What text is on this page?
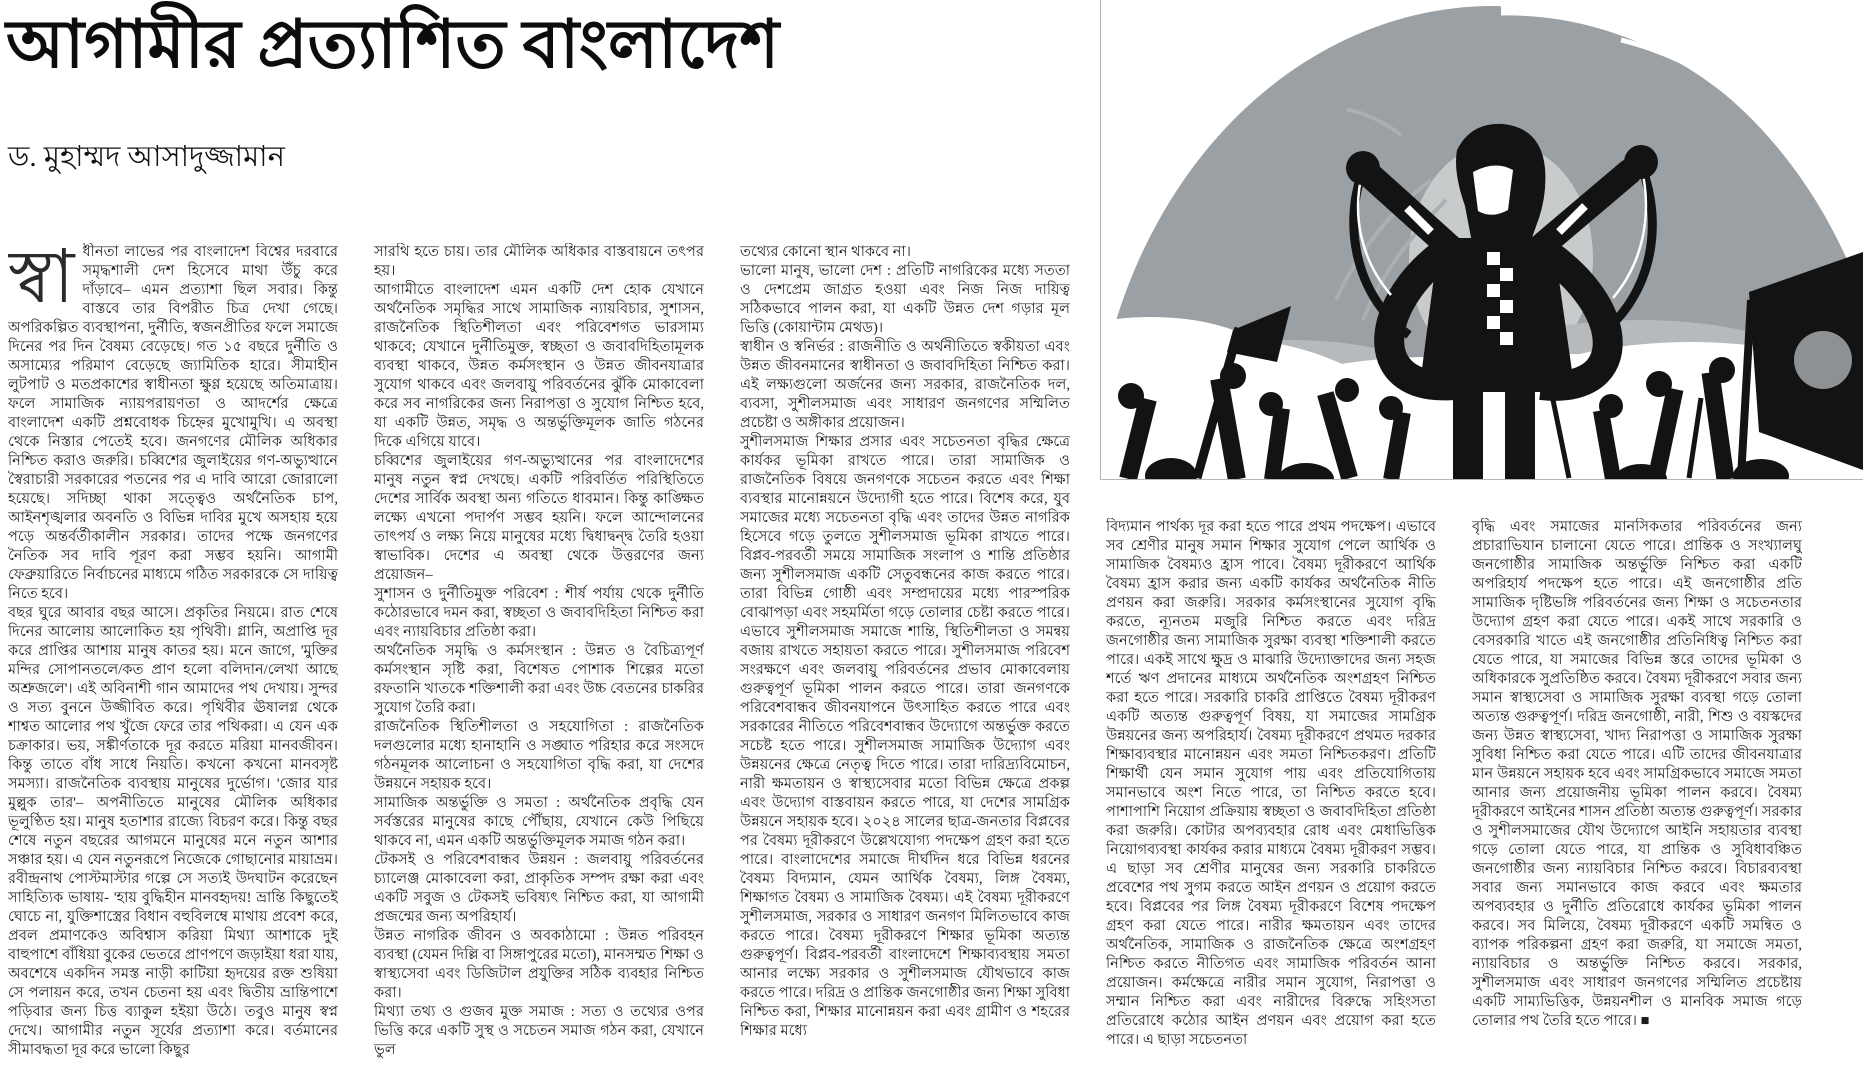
আগামীর প্রত্যাশিত বাংলাদেশ
ড. মুহাম্মদ আসাদুজ্জামান

স্বা ধীনতা লাভের পর বাংলাদেশ বিশ্বের দরবারে সমৃদ্ধশালী দেশ হিসেবে মাথা উঁচু করে দাঁড়াবে– এমন প্রত্যাশা ছিল সবার। কিন্তু বাস্তবে তার বিপরীত চিত্র দেখা গেছে। অপরিকল্পিত ব্যবস্থাপনা, দুর্নীতি, স্বজনপ্রীতির ফলে সমাজে দিনের পর দিন বৈষম্য বেড়েছে। গত ১৫ বছরে দুর্নীতি ও অসাম্যের পরিমাণ বেড়েছে জ্যামিতিক হারে। সীমাহীন লুটপাট ও মতপ্রকাশের স্বাধীনতা ক্ষুণ্ণ হয়েছে অতিমাত্রায়। ফলে সামাজিক ন্যায়পরায়ণতা ও আদর্শের ক্ষেত্রে বাংলাদেশ একটি প্রশ্নবোধক চিহ্নের মুখোমুখি। এ অবস্থা থেকে নিস্তার পেতেই হবে। জনগণের মৌলিক অধিকার নিশ্চিত করাও জরুরি। চব্বিশের জুলাইয়ের গণ-অভ্যুত্থানে স্বৈরাচারী সরকারের পতনের পর এ দাবি আরো জোরালো হয়েছে। সদিচ্ছা থাকা সত্ত্বেও অর্থনৈতিক চাপ, আইনশৃঙ্খলার অবনতি ও বিভিন্ন দাবির মুখে অসহায় হয়ে পড়ে অন্তর্বর্তীকালীন সরকার। তাদের পক্ষে জনগণের নৈতিক সব দাবি পূরণ করা সম্ভব হয়নি। আগামী ফেব্রুয়ারিতে নির্বাচনের মাধ্যমে গঠিত সরকারকে সে দায়িত্ব নিতে হবে।

বছর ঘুরে আবার বছর আসে। প্রকৃতির নিয়মে। রাত শেষে দিনের আলোয় আলোকিত হয় পৃথিবী। গ্লানি, অপ্রাপ্তি দূর করে প্রাপ্তির আশায় মানুষ কাতর হয়। মনে জাগে, 'মুক্তির মন্দির সোপানতলে/কত প্রাণ হলো বলিদান/লেখা আছে অশ্রুজলে'। এই অবিনাশী গান আমাদের পথ দেখায়। সুন্দর ও সত্য বুননে উজ্জীবিত করে। পৃথিবীর ঊষালগ্ন থেকে শাশ্বত আলোর পথ খুঁজে ফেরে তার পথিকরা। এ যেন এক চক্রাকার। ভয়, সঙ্কীর্ণতাকে দূর করতে মরিয়া মানবজীবন। কিন্তু তাতে বাঁধ সাধে নিয়তি। কখনো কখনো মানবসৃষ্ট সমস্যা। রাজনৈতিক ব্যবস্থায় মানুষের দুর্ভোগ। 'জোর যার মুল্লুক তার'– অপনীতিতে মানুষের মৌলিক অধিকার ভূলুণ্ঠিত হয়। মানুষ হতাশার রাজ্যে বিচরণ করে। কিন্তু বছর শেষে নতুন বছরের আগমনে মানুষের মনে নতুন আশার সঞ্চার হয়। এ যেন নতুনরূপে নিজেকে গোছানোর মায়াভ্রম। রবীন্দ্রনাথ পোস্টমাস্টার গল্পে সে সত্যই উদঘাটন করেছেন সাহিত্যিক ভাষায়- 'হায় বুদ্ধিহীন মানবহৃদয়! ভ্রান্তি কিছুতেই ঘোচে না, যুক্তিশাস্ত্রের বিধান বহুবিলম্বে মাথায় প্রবেশ করে, প্রবল প্রমাণকেও অবিশ্বাস করিয়া মিথ্যা আশাকে দুই বাহুপাশে বাঁধিয়া বুকের ভেতরে প্রাণপণে জড়াইয়া ধরা যায়, অবশেষে একদিন সমস্ত নাড়ী কাটিয়া হৃদয়ের রক্ত শুষিয়া সে পলায়ন করে, তখন চেতনা হয় এবং দ্বিতীয় ভ্রান্তিপাশে পড়িবার জন্য চিত্ত ব্যাকুল হইয়া উঠে। তবুও মানুষ স্বপ্ন দেখে। আগামীর নতুন সূর্যের প্রত্যাশা করে। বর্তমানের সীমাবদ্ধতা দূর করে ভালো কিছুর

সারথি হতে চায়। তার মৌলিক অধিকার বাস্তবায়নে তৎপর হয়।

আগামীতে বাংলাদেশ এমন একটি দেশ হোক যেখানে অর্থনৈতিক সমৃদ্ধির সাথে সামাজিক ন্যায়বিচার, সুশাসন, রাজনৈতিক স্থিতিশীলতা এবং পরিবেশগত ভারসাম্য থাকবে; যেখানে দুর্নীতিমুক্ত, স্বচ্ছতা ও জবাবদিহিতামূলক ব্যবস্থা থাকবে, উন্নত কর্মসংস্থান ও উন্নত জীবনযাত্রার সুযোগ থাকবে এবং জলবায়ু পরিবর্তনের ঝুঁকি মোকাবেলা করে সব নাগরিকের জন্য নিরাপত্তা ও সুযোগ নিশ্চিত হবে, যা একটি উন্নত, সমৃদ্ধ ও অন্তর্ভুক্তিমূলক জাতি গঠনের দিকে এগিয়ে যাবে।

চব্বিশের জুলাইয়ের গণ-অভ্যুত্থানের পর বাংলাদেশের মানুষ নতুন স্বপ্ন দেখছে। একটি পরিবর্তিত পরিস্থিতিতে দেশের সার্বিক অবস্থা অন্য গতিতে ধাবমান। কিন্তু কাঙ্ক্ষিত লক্ষ্যে এখনো পদার্পণ সম্ভব হয়নি। ফলে আন্দোলনের তাৎপর্য ও লক্ষ্য নিয়ে মানুষের মধ্যে দ্বিধাদ্বন্দ্ব তৈরি হওয়া স্বাভাবিক। দেশের এ অবস্থা থেকে উত্তরণের জন্য প্রয়োজন–

সুশাসন ও দুর্নীতিমুক্ত পরিবেশ : শীর্ষ পর্যায় থেকে দুর্নীতি কঠোরভাবে দমন করা, স্বচ্ছতা ও জবাবদিহিতা নিশ্চিত করা এবং ন্যায়বিচার প্রতিষ্ঠা করা।

অর্থনৈতিক সমৃদ্ধি ও কর্মসংস্থান : উন্নত ও বৈচিত্র্যপূর্ণ কর্মসংস্থান সৃষ্টি করা, বিশেষত পোশাক শিল্পের মতো রফতানি খাতকে শক্তিশালী করা এবং উচ্চ বেতনের চাকরির সুযোগ তৈরি করা।

রাজনৈতিক স্থিতিশীলতা ও সহযোগিতা : রাজনৈতিক দলগুলোর মধ্যে হানাহানি ও সঙ্ঘাত পরিহার করে সংসদে গঠনমূলক আলোচনা ও সহযোগিতা বৃদ্ধি করা, যা দেশের উন্নয়নে সহায়ক হবে।

সামাজিক অন্তর্ভুক্তি ও সমতা : অর্থনৈতিক প্রবৃদ্ধি যেন সর্বস্তরের মানুষের কাছে পৌঁছায়, যেখানে কেউ পিছিয়ে থাকবে না, এমন একটি অন্তর্ভুক্তিমূলক সমাজ গঠন করা।

টেকসই ও পরিবেশবান্ধব উন্নয়ন : জলবায়ু পরিবর্তনের চ্যালেঞ্জ মোকাবেলা করা, প্রাকৃতিক সম্পদ রক্ষা করা এবং একটি সবুজ ও টেকসই ভবিষ্যৎ নিশ্চিত করা, যা আগামী প্রজন্মের জন্য অপরিহার্য।

উন্নত নাগরিক জীবন ও অবকাঠামো : উন্নত পরিবহন ব্যবস্থা (যেমন দিল্লি বা সিঙ্গাপুরের মতো), মানসম্মত শিক্ষা ও স্বাস্থ্যসেবা এবং ডিজিটাল প্রযুক্তির সঠিক ব্যবহার নিশ্চিত করা।

মিথ্যা তথ্য ও গুজব মুক্ত সমাজ : সত্য ও তথ্যের ওপর ভিত্তি করে একটি সুস্থ ও সচেতন সমাজ গঠন করা, যেখানে ভুল

তথ্যের কোনো স্থান থাকবে না।

ভালো মানুষ, ভালো দেশ : প্রতিটি নাগরিকের মধ্যে সততা ও দেশপ্রেম জাগ্রত হওয়া এবং নিজ নিজ দায়িত্ব সঠিকভাবে পালন করা, যা একটি উন্নত দেশ গড়ার মূল ভিত্তি (কোয়ান্টাম মেথড)।

স্বাধীন ও স্বনির্ভর : রাজনীতি ও অর্থনীতিতে স্বকীয়তা এবং উন্নত জীবনমানের স্বাধীনতা ও জবাবদিহিতা নিশ্চিত করা। এই লক্ষ্যগুলো অর্জনের জন্য সরকার, রাজনৈতিক দল, ব্যবসা, সুশীলসমাজ এবং সাধারণ জনগণের সম্মিলিত প্রচেষ্টা ও অঙ্গীকার প্রয়োজন।

সুশীলসমাজ শিক্ষার প্রসার এবং সচেতনতা বৃদ্ধির ক্ষেত্রে কার্যকর ভূমিকা রাখতে পারে। তারা সামাজিক ও রাজনৈতিক বিষয়ে জনগণকে সচেতন করতে এবং শিক্ষা ব্যবস্থার মানোন্নয়নে উদ্যোগী হতে পারে। বিশেষ করে, যুব সমাজের মধ্যে সচেতনতা বৃদ্ধি এবং তাদের উন্নত নাগরিক হিসেবে গড়ে তুলতে সুশীলসমাজ ভূমিকা রাখতে পারে। বিপ্লব-পরবর্তী সময়ে সামাজিক সংলাপ ও শান্তি প্রতিষ্ঠার জন্য সুশীলসমাজ একটি সেতুবন্ধনের কাজ করতে পারে। তারা বিভিন্ন গোষ্ঠী এবং সম্প্রদায়ের মধ্যে পারস্পরিক বোঝাপড়া এবং সহমর্মিতা গড়ে তোলার চেষ্টা করতে পারে। এভাবে সুশীলসমাজ সমাজে শান্তি, স্থিতিশীলতা ও সমন্বয় বজায় রাখতে সহায়তা করতে পারে। সুশীলসমাজ পরিবেশ সংরক্ষণে এবং জলবায়ু পরিবর্তনের প্রভাব মোকাবেলায় গুরুত্বপূর্ণ ভূমিকা পালন করতে পারে। তারা জনগণকে পরিবেশবান্ধব জীবনযাপনে উৎসাহিত করতে পারে এবং সরকারের নীতিতে পরিবেশবান্ধব উদ্যোগে অন্তর্ভুক্ত করতে সচেষ্ট হতে পারে। সুশীলসমাজ সামাজিক উদ্যোগ এবং উন্নয়নের ক্ষেত্রে নেতৃত্ব দিতে পারে। তারা দারিদ্র্যবিমোচন, নারী ক্ষমতায়ন ও স্বাস্থ্যসেবার মতো বিভিন্ন ক্ষেত্রে প্রকল্প এবং উদ্যোগ বাস্তবায়ন করতে পারে, যা দেশের সামগ্রিক উন্নয়নে সহায়ক হবে। ২০২৪ সালের ছাত্র-জনতার বিপ্লবের পর বৈষম্য দূরীকরণে উল্লেখযোগ্য পদক্ষেপ গ্রহণ করা হতে পারে। বাংলাদেশের সমাজে দীর্ঘদিন ধরে বিভিন্ন ধরনের বৈষম্য বিদ্যমান, যেমন আর্থিক বৈষম্য, লিঙ্গ বৈষম্য, শিক্ষাগত বৈষম্য ও সামাজিক বৈষম্য। এই বৈষম্য দূরীকরণে সুশীলসমাজ, সরকার ও সাধারণ জনগণ মিলিতভাবে কাজ করতে পারে। বৈষম্য দূরীকরণে শিক্ষার ভূমিকা অত্যন্ত গুরুত্বপূর্ণ। বিপ্লব-পরবর্তী বাংলাদেশে শিক্ষাব্যবস্থায় সমতা আনার লক্ষ্যে সরকার ও সুশীলসমাজ যৌথভাবে কাজ করতে পারে। দরিদ্র ও প্রান্তিক জনগোষ্ঠীর জন্য শিক্ষা সুবিধা নিশ্চিত করা, শিক্ষার মানোন্নয়ন করা এবং গ্রামীণ ও শহরের শিক্ষার মধ্যে

বিদ্যমান পার্থক্য দূর করা হতে পারে প্রথম পদক্ষেপ। এভাবে সব শ্রেণীর মানুষ সমান শিক্ষার সুযোগ পেলে আর্থিক ও সামাজিক বৈষম্যও হ্রাস পাবে। বৈষম্য দূরীকরণে আর্থিক বৈষম্য হ্রাস করার জন্য একটি কার্যকর অর্থনৈতিক নীতি প্রণয়ন করা জরুরি। সরকার কর্মসংস্থানের সুযোগ বৃদ্ধি করতে, ন্যূনতম মজুরি নিশ্চিত করতে এবং দরিদ্র জনগোষ্ঠীর জন্য সামাজিক সুরক্ষা ব্যবস্থা শক্তিশালী করতে পারে। একই সাথে ক্ষুদ্র ও মাঝারি উদ্যোক্তাদের জন্য সহজ শর্তে ঋণ প্রদানের মাধ্যমে অর্থনৈতিক অংশগ্রহণ নিশ্চিত করা হতে পারে। সরকারি চাকরি প্রাপ্তিতে বৈষম্য দূরীকরণ একটি অত্যন্ত গুরুত্বপূর্ণ বিষয়, যা সমাজের সামগ্রিক উন্নয়নের জন্য অপরিহার্য। বৈষম্য দূরীকরণে প্রথমত দরকার শিক্ষাব্যবস্থার মানোন্নয়ন এবং সমতা নিশ্চিতকরণ। প্রতিটি শিক্ষার্থী যেন সমান সুযোগ পায় এবং প্রতিযোগিতায় সমানভাবে অংশ নিতে পারে, তা নিশ্চিত করতে হবে। পাশাপাশি নিয়োগ প্রক্রিয়ায় স্বচ্ছতা ও জবাবদিহিতা প্রতিষ্ঠা করা জরুরি। কোটার অপব্যবহার রোধ এবং মেধাভিত্তিক নিয়োগব্যবস্থা কার্যকর করার মাধ্যমে বৈষম্য দূরীকরণ সম্ভব। এ ছাড়া সব শ্রেণীর মানুষের জন্য সরকারি চাকরিতে প্রবেশের পথ সুগম করতে আইন প্রণয়ন ও প্রয়োগ করতে হবে। বিপ্লবের পর লিঙ্গ বৈষম্য দূরীকরণে বিশেষ পদক্ষেপ গ্রহণ করা যেতে পারে। নারীর ক্ষমতায়ন এবং তাদের অর্থনৈতিক, সামাজিক ও রাজনৈতিক ক্ষেত্রে অংশগ্রহণ নিশ্চিত করতে নীতিগত এবং সামাজিক পরিবর্তন আনা প্রয়োজন। কর্মক্ষেত্রে নারীর সমান সুযোগ, নিরাপত্তা ও সম্মান নিশ্চিত করা এবং নারীদের বিরুদ্ধে সহিংসতা প্রতিরোধে কঠোর আইন প্রণয়ন এবং প্রয়োগ করা হতে পারে। এ ছাড়া সচেতনতা

বৃদ্ধি এবং সমাজের মানসিকতার পরিবর্তনের জন্য প্রচারাভিযান চালানো যেতে পারে। প্রান্তিক ও সংখ্যালঘু জনগোষ্ঠীর সামাজিক অন্তর্ভুক্তি নিশ্চিত করা একটি অপরিহার্য পদক্ষেপ হতে পারে। এই জনগোষ্ঠীর প্রতি সামাজিক দৃষ্টিভঙ্গি পরিবর্তনের জন্য শিক্ষা ও সচেতনতার উদ্যোগ গ্রহণ করা যেতে পারে। একই সাথে সরকারি ও বেসরকারি খাতে এই জনগোষ্ঠীর প্রতিনিধিত্ব নিশ্চিত করা যেতে পারে, যা সমাজের বিভিন্ন স্তরে তাদের ভূমিকা ও অধিকারকে সুপ্রতিষ্ঠিত করবে। বৈষম্য দূরীকরণে সবার জন্য সমান স্বাস্থ্যসেবা ও সামাজিক সুরক্ষা ব্যবস্থা গড়ে তোলা অত্যন্ত গুরুত্বপূর্ণ। দরিদ্র জনগোষ্ঠী, নারী, শিশু ও বয়স্কদের জন্য উন্নত স্বাস্থ্যসেবা, খাদ্য নিরাপত্তা ও সামাজিক সুরক্ষা সুবিধা নিশ্চিত করা যেতে পারে। এটি তাদের জীবনযাত্রার মান উন্নয়নে সহায়ক হবে এবং সামগ্রিকভাবে সমাজে সমতা আনার জন্য প্রয়োজনীয় ভূমিকা পালন করবে। বৈষম্য দূরীকরণে আইনের শাসন প্রতিষ্ঠা অত্যন্ত গুরুত্বপূর্ণ। সরকার ও সুশীলসমাজের যৌথ উদ্যোগে আইনি সহায়তার ব্যবস্থা গড়ে তোলা যেতে পারে, যা প্রান্তিক ও সুবিধাবঞ্চিত জনগোষ্ঠীর জন্য ন্যায়বিচার নিশ্চিত করবে। বিচারব্যবস্থা সবার জন্য সমানভাবে কাজ করবে এবং ক্ষমতার অপব্যবহার ও দুর্নীতি প্রতিরোধে কার্যকর ভূমিকা পালন করবে। সব মিলিয়ে, বৈষম্য দূরীকরণে একটি সমন্বিত ও ব্যাপক পরিকল্পনা গ্রহণ করা জরুরি, যা সমাজে সমতা, ন্যায়বিচার ও অন্তর্ভুক্তি নিশ্চিত করবে। সরকার, সুশীলসমাজ এবং সাধারণ জনগণের সম্মিলিত প্রচেষ্টায় একটি সাম্যভিত্তিক, উন্নয়নশীল ও মানবিক সমাজ গড়ে তোলার পথ তৈরি হতে পারে। ■
